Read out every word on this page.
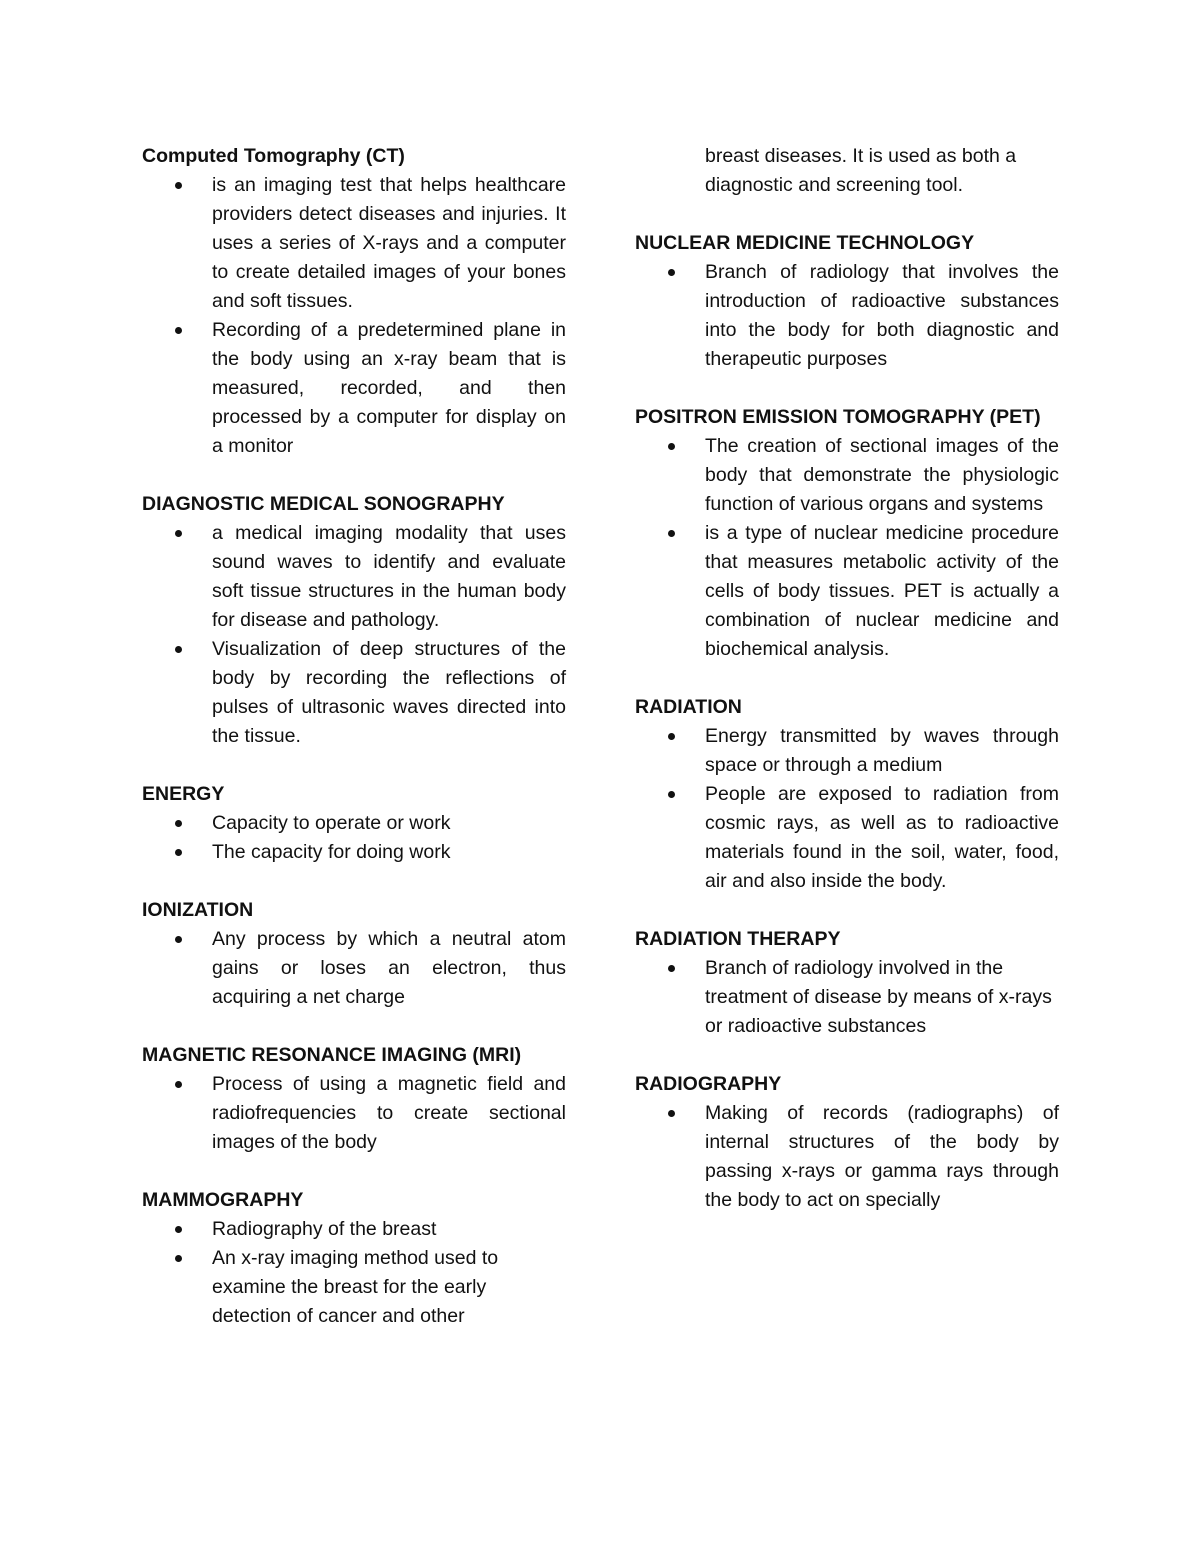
Computed Tomography (CT)

is an imaging test that helps healthcare providers detect diseases and injuries. It uses a series of X-rays and a computer to create detailed images of your bones and soft tissues.
Recording of a predetermined plane in the body using an x-ray beam that is measured, recorded, and then processed by a computer for display on a monitor

DIAGNOSTIC MEDICAL SONOGRAPHY

a medical imaging modality that uses sound waves to identify and evaluate soft tissue structures in the human body for disease and pathology.
Visualization of deep structures of the body by recording the reflections of pulses of ultrasonic waves directed into the tissue.

ENERGY

Capacity to operate or work
The capacity for doing work

IONIZATION

Any process by which a neutral atom gains or loses an electron, thus acquiring a net charge

MAGNETIC RESONANCE IMAGING (MRI)

Process of using a magnetic field and radiofrequencies to create sectional images of the body

MAMMOGRAPHY

Radiography of the breast
An x-ray imaging method used to examine the breast for the early detection of cancer and other

breast diseases. It is used as both a diagnostic and screening tool.

NUCLEAR MEDICINE TECHNOLOGY

Branch of radiology that involves the introduction of radioactive substances into the body for both diagnostic and therapeutic purposes

POSITRON EMISSION TOMOGRAPHY (PET)

The creation of sectional images of the body that demonstrate the physiologic function of various organs and systems
is a type of nuclear medicine procedure that measures metabolic activity of the cells of body tissues. PET is actually a combination of nuclear medicine and biochemical analysis.

RADIATION

Energy transmitted by waves through space or through a medium
People are exposed to radiation from cosmic rays, as well as to radioactive materials found in the soil, water, food, air and also inside the body.

RADIATION THERAPY

Branch of radiology involved in the treatment of disease by means of x-rays or radioactive substances

RADIOGRAPHY

Making of records (radiographs) of internal structures of the body by passing x-rays or gamma rays through the body to act on specially
